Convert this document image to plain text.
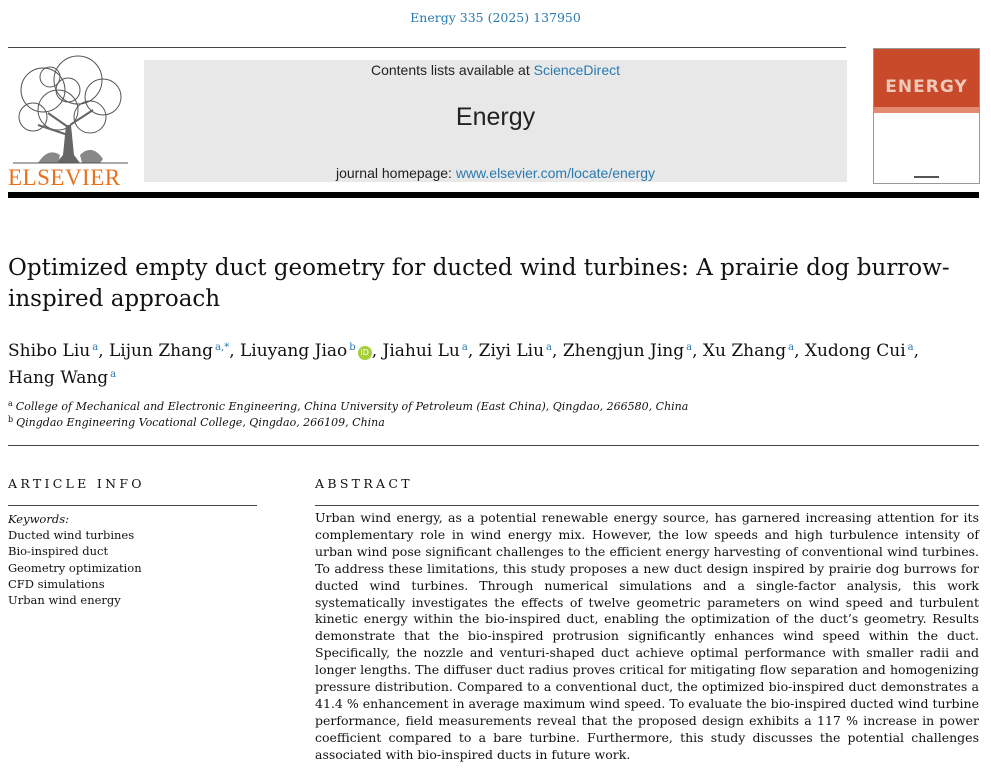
Energy 335 (2025) 137950
ELSEVIER
Contents lists available at ScienceDirect
Energy
journal homepage: www.elsevier.com/locate/energy
ENERGY
Optimized empty duct geometry for ducted wind turbines: A prairie dog burrow-inspired approach
Shibo Liu $^a$, Lijun Zhang $^{a,*}$, Liuyang Jiao $^b$ iD , Jiahui Lu $^a$, Ziyi Liu $^a$, Zhengjun Jing $^a$, Xu Zhang $^a$, Xudong Cui $^a$, Hang Wang $^a$
$^a$ College of Mechanical and Electronic Engineering, China University of Petroleum (East China), Qingdao, 266580, China
$^b$ Qingdao Engineering Vocational College, Qingdao, 266109, China
ARTICLE INFO
Keywords:
Ducted wind turbines
Bio-inspired duct
Geometry optimization
CFD simulations
Urban wind energy
ABSTRACT
Urban wind energy, as a potential renewable energy source, has garnered increasing attention for its complementary role in wind energy mix. However, the low speeds and high turbulence intensity of urban wind pose significant challenges to the efficient energy harvesting of conventional wind turbines. To address these limitations, this study proposes a new duct design inspired by prairie dog burrows for ducted wind turbines. Through numerical simulations and a single-factor analysis, this work systematically investigates the effects of twelve geometric parameters on wind speed and turbulent kinetic energy within the bio-inspired duct, enabling the optimization of the duct’s geometry. Results demonstrate that the bio-inspired protrusion significantly enhances wind speed within the duct. Specifically, the nozzle and venturi-shaped duct achieve optimal performance with smaller radii and longer lengths. The diffuser duct radius proves critical for mitigating flow separation and homogenizing pressure distribution. Compared to a conventional duct, the optimized bio-inspired duct demonstrates a 41.4 % enhancement in average maximum wind speed. To evaluate the bio-inspired ducted wind turbine performance, field measurements reveal that the proposed design exhibits a 117 % increase in power coefficient compared to a bare turbine. Furthermore, this study discusses the potential challenges associated with bio-inspired ducts in future work.
